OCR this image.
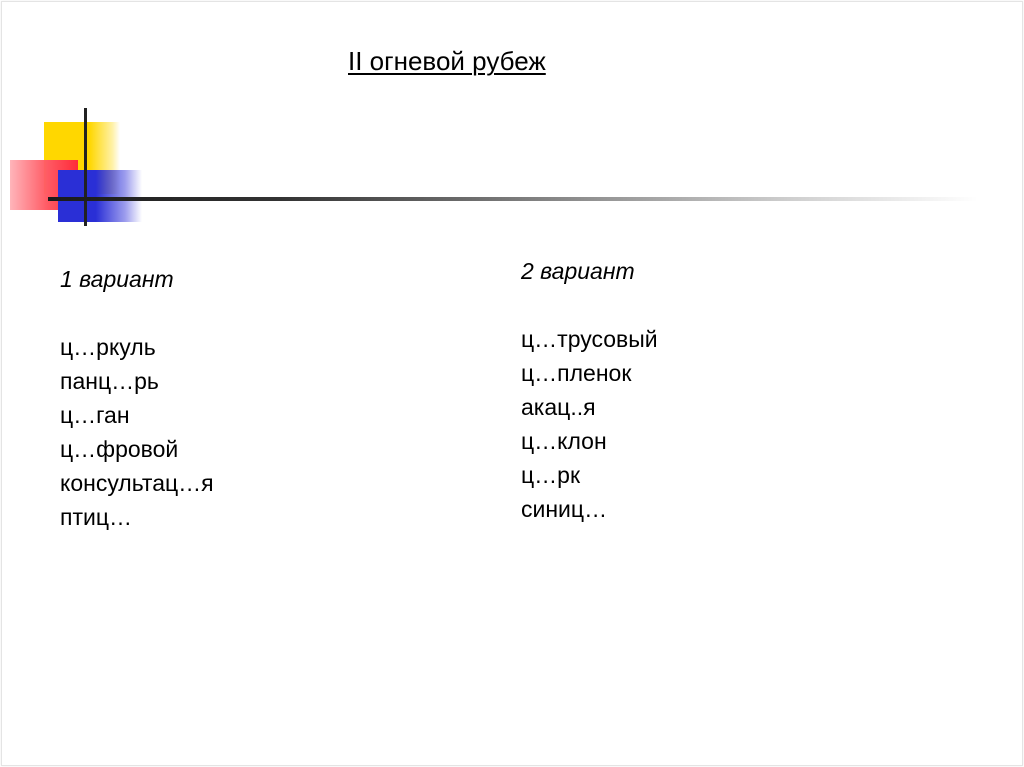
II огневой рубеж
1 вариант
ц…ркуль
панц…рь
ц…ган
ц…фровой
консультац…я
птиц…
2 вариант
ц…трусовый
ц…пленок
акац..я
ц…клон
ц…рк
синиц…
